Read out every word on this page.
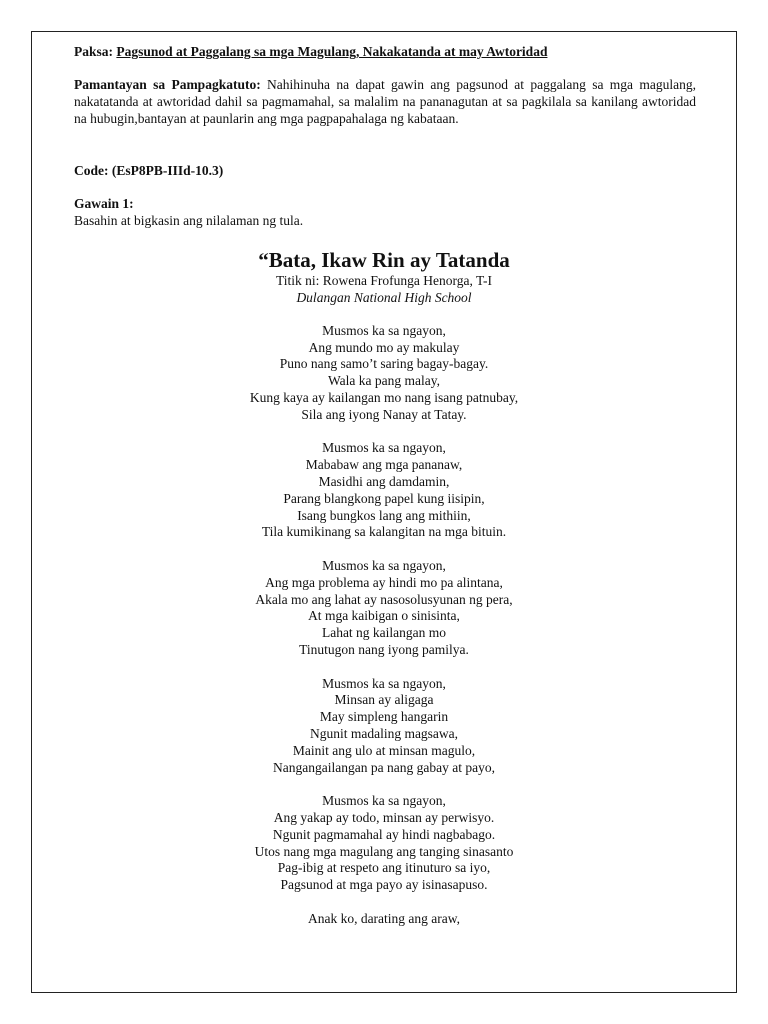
Paksa: Pagsunod at Paggalang sa mga Magulang, Nakakatanda at may Awtoridad
Pamantayan sa Pampagkatuto: Nahihinuha na dapat gawin ang pagsunod at paggalang sa mga magulang, nakatatanda at awtoridad dahil sa pagmamahal, sa malalim na pananagutan at sa pagkilala sa kanilang awtoridad na hubugin,bantayan at paunlarin ang mga pagpapahalaga ng kabataan.
Code: (EsP8PB-IIId-10.3)
Gawain 1:
Basahin at bigkasin ang nilalaman ng tula.
“Bata, Ikaw Rin ay Tatanda
Titik ni: Rowena Frofunga Henorga, T-I
Dulangan National High School
Musmos ka sa ngayon,
Ang mundo mo ay makulay
Puno nang samo’t saring bagay-bagay.
Wala ka pang malay,
Kung kaya ay kailangan mo nang isang patnubay,
Sila ang iyong Nanay at Tatay.
Musmos ka sa ngayon,
Mababaw ang mga pananaw,
Masidhi ang damdamin,
Parang blangkong papel kung iisipin,
Isang bungkos lang ang mithiin,
Tila kumikinang sa kalangitan na mga bituin.
Musmos ka sa ngayon,
Ang mga problema ay hindi mo pa alintana,
Akala mo ang lahat ay nasosolusyunan ng pera,
At mga kaibigan o sinisinta,
Lahat ng kailangan mo
Tinutugon nang iyong pamilya.
Musmos ka sa ngayon,
Minsan ay aligaga
May simpleng hangarin
Ngunit madaling magsawa,
Mainit ang ulo at minsan magulo,
Nangangailangan pa nang gabay at payo,
Musmos ka sa ngayon,
Ang yakap ay todo, minsan ay perwisyo.
Ngunit pagmamahal ay hindi nagbabago.
Utos nang mga magulang ang tanging sinasanto
Pag-ibig at respeto ang itinuturo sa iyo,
Pagsunod at mga payo ay isinasapuso.
Anak ko, darating ang araw,
